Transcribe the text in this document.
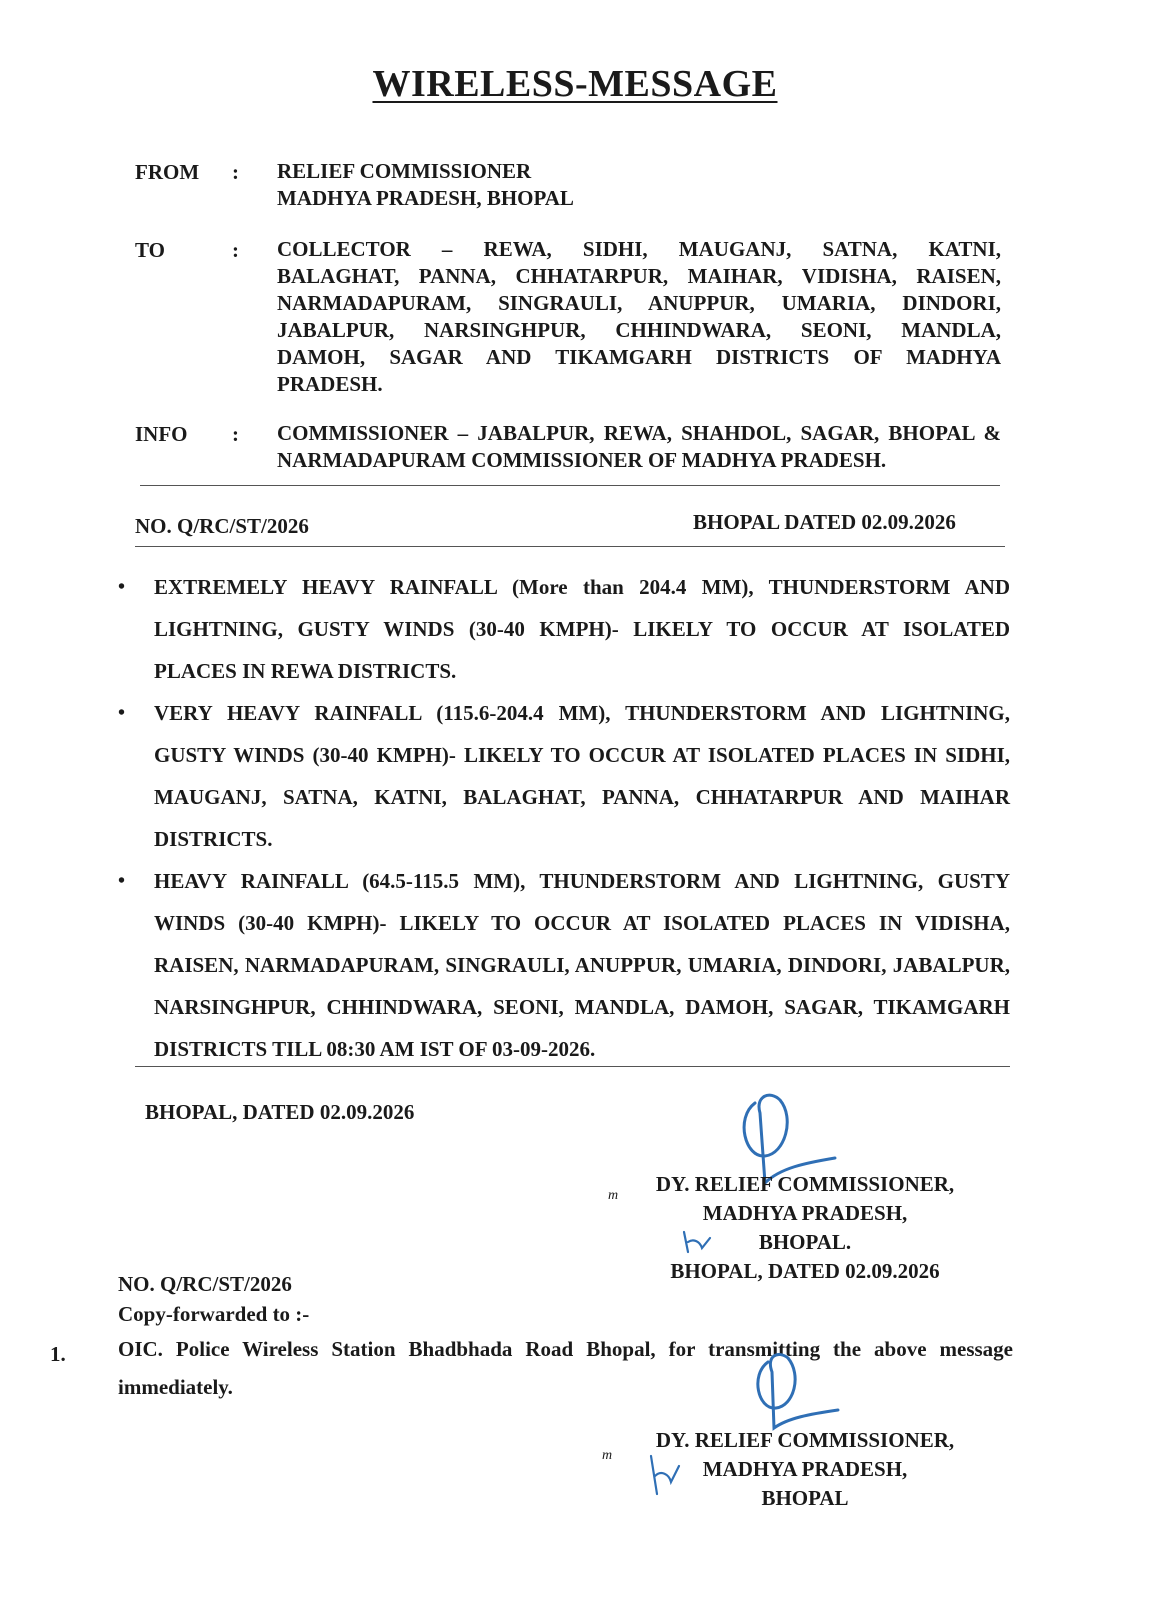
WIRELESS-MESSAGE
FROM : RELIEF COMMISSIONER
MADHYA PRADESH, BHOPAL
TO	: COLLECTOR – REWA, SIDHI, MAUGANJ, SATNA, KATNI, BALAGHAT, PANNA, CHHATARPUR, MAIHAR, VIDISHA, RAISEN, NARMADAPURAM, SINGRAULI, ANUPPUR, UMARIA, DINDORI, JABALPUR, NARSINGHPUR, CHHINDWARA, SEONI, MANDLA, DAMOH, SAGAR AND TIKAMGARH DISTRICTS OF MADHYA PRADESH.
INFO : COMMISSIONER – JABALPUR, REWA, SHAHDOL, SAGAR, BHOPAL & NARMADAPURAM COMMISSIONER OF MADHYA PRADESH.
NO. Q/RC/ST/2026	BHOPAL DATED 02.09.2026
• EXTREMELY HEAVY RAINFALL (More than 204.4 MM), THUNDERSTORM AND LIGHTNING, GUSTY WINDS (30-40 KMPH)- LIKELY TO OCCUR AT ISOLATED PLACES IN REWA DISTRICTS.
• VERY HEAVY RAINFALL (115.6-204.4 MM), THUNDERSTORM AND LIGHTNING, GUSTY WINDS (30-40 KMPH)- LIKELY TO OCCUR AT ISOLATED PLACES IN SIDHI, MAUGANJ, SATNA, KATNI, BALAGHAT, PANNA, CHHATARPUR AND MAIHAR DISTRICTS.
• HEAVY RAINFALL (64.5-115.5 MM), THUNDERSTORM AND LIGHTNING, GUSTY WINDS (30-40 KMPH)- LIKELY TO OCCUR AT ISOLATED PLACES IN VIDISHA, RAISEN, NARMADAPURAM, SINGRAULI, ANUPPUR, UMARIA, DINDORI, JABALPUR, NARSINGHPUR, CHHINDWARA, SEONI, MANDLA, DAMOH, SAGAR, TIKAMGARH DISTRICTS TILL 08:30 AM IST OF 03-09-2026.
BHOPAL, DATED 02.09.2026
m	DY. RELIEF COMMISSIONER,
MADHYA PRADESH,
BHOPAL.
BHOPAL, DATED 02.09.2026
NO. Q/RC/ST/2026
Copy-forwarded to :-
1. OIC. Police Wireless Station Bhadbhada Road Bhopal, for transmitting the above message immediately.
m
DY. RELIEF COMMISSIONER,
MADHYA PRADESH,
BHOPAL
